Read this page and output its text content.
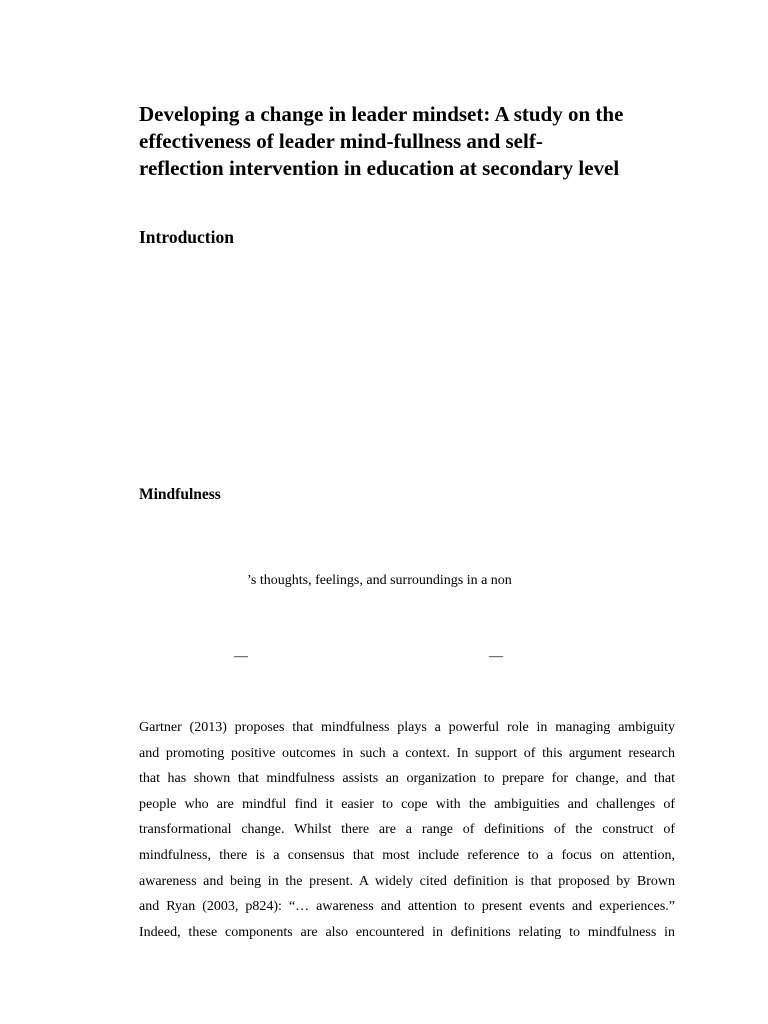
Developing a change in leader mindset: A study on the
effectiveness of leader mind-fullness and self-
reflection intervention in education at secondary level
Introduction
Mindfulness

’s thoughts, feelings, and surroundings in a non

—	—

Gartner (2013) proposes that mindfulness plays a powerful role in managing ambiguity
and promoting positive outcomes in such a context. In support of this argument research
that has shown that mindfulness assists an organization to prepare for change, and that
people who are mindful find it easier to cope with the ambiguities and challenges of
transformational change. Whilst there are a range of definitions of the construct of
mindfulness, there is a consensus that most include reference to a focus on attention,
awareness and being in the present. A widely cited definition is that proposed by Brown
and Ryan (2003, p824): “… awareness and attention to present events and experiences.”
Indeed, these components are also encountered in definitions relating to mindfulness in
